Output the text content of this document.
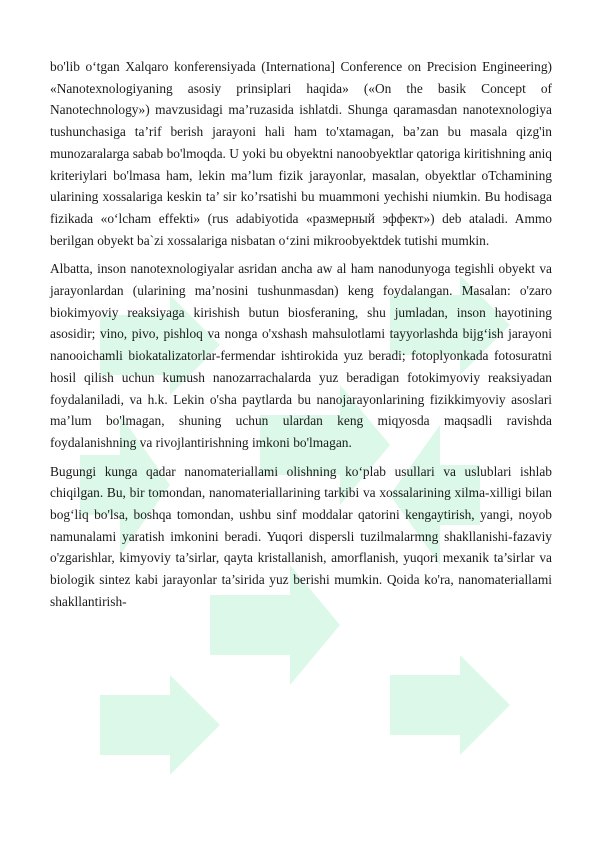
bo'lib o‘tgan Xalqaro konferensiyada (Internationa] Conference on Precision Engineering) «Nanotexnologiyaning asosiy prinsiplari haqida» («On the basik Concept of Nanotechnology») mavzusidagi ma’ruzasida ishlatdi. Shunga qaramasdan nanotexnologiya tushunchasiga ta’rif berish jarayoni hali ham to'xtamagan, ba’zan bu masala qizg'in munozaralarga sabab bo'lmoqda. U yoki bu obyektni nanoobyektlar qatoriga kiritishning aniq kriteriylari bo'lmasa ham, lekin ma’lum fizik jarayonlar, masalan, obyektlar oTchamining ularining xossalariga keskin ta’ sir ko’rsatishi bu muammoni yechishi niumkin. Bu hodisaga fizikada «o‘lcham effekti» (rus adabiyotida «размерный эффект») deb ataladi. Ammo berilgan obyekt ba`zi xossalariga nisbatan o‘zini mikroobyektdek tutishi mumkin.

Albatta, inson nanotexnologiyalar asridan ancha aw al ham nanodunyoga tegishli obyekt va jarayonlardan (ularining ma’nosini tushunmasdan) keng foydalangan. Masalan: o'zaro biokimyoviy reaksiyaga kirishish butun biosferaning, shu jumladan, inson hayotining asosidir; vino, pivo, pishloq va nonga o'xshash mahsulotlami tayyorlashda bijg‘ish jarayoni nanooichamli biokatalizatorlar-fermendar ishtirokida yuz beradi; fotoplyonkada fotosuratni hosil qilish uchun kumush nanozarrachalarda yuz beradigan fotokimyoviy reaksiyadan foydalaniladi, va h.k. Lekin o'sha paytlarda bu nanojarayonlarining fizikkimyoviy asoslari ma’lum bo'lmagan, shuning uchun ulardan keng miqyosda maqsadli ravishda foydalanishning va rivojlantirishning imkoni bo'lmagan.

Bugungi kunga qadar nanomateriallami olishning ko‘plab usullari va uslublari ishlab chiqilgan. Bu, bir tomondan, nanomateriallarining tarkibi va xossalarining xilma-xilligi bilan bog‘liq bo'lsa, boshqa tomondan, ushbu sinf moddalar qatorini kengaytirish, yangi, noyob namunalami yaratish imkonini beradi. Yuqori dispersli tuzilmalarmng shakllanishi-fazaviy o'zgarishlar, kimyoviy ta’sirlar, qayta kristallanish, amorflanish, yuqori mexanik ta’sirlar va biologik sintez kabi jarayonlar ta’sirida yuz berishi mumkin. Qoida ko'ra, nanomateriallami shakllantirish-
